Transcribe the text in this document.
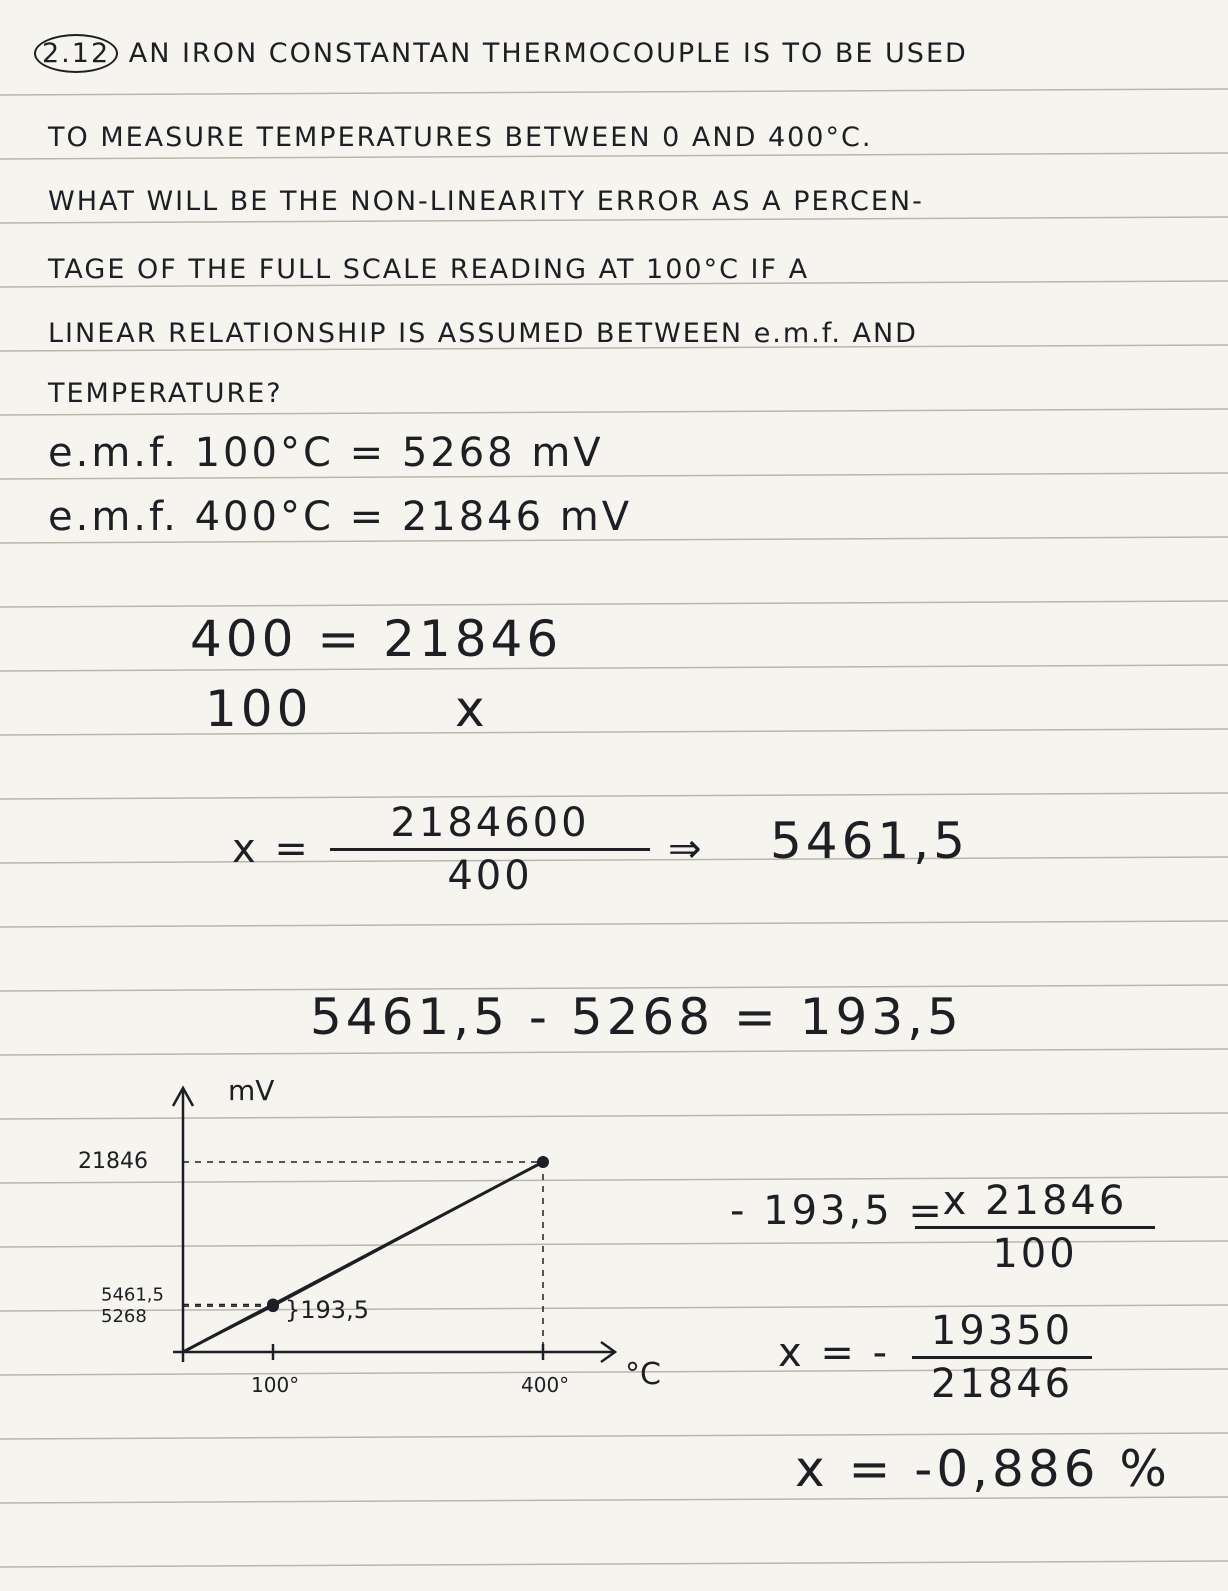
2.12 AN IRON CONSTANTAN THERMOCOUPLE IS TO BE USED
TO MEASURE TEMPERATURES BETWEEN 0 AND 400°C.
WHAT WILL BE THE NON-LINEARITY ERROR AS A PERCEN-
TAGE OF THE FULL SCALE READING AT 100°C IF A
LINEAR RELATIONSHIP IS ASSUMED BETWEEN e.m.f. AND
TEMPERATURE?
e.m.f. 100°C = 5268 mV
e.m.f. 400°C = 21846 mV
400 = 21846
100	x
x =
2184600
400
⇒ 5461,5
5461,5 - 5268 = 193,5
mV
°C
21846
5461,5
5268
100°	400°
}193,5
- 193,5 =
x 21846
100
x = -	19350
21846
x = -0,886 %
